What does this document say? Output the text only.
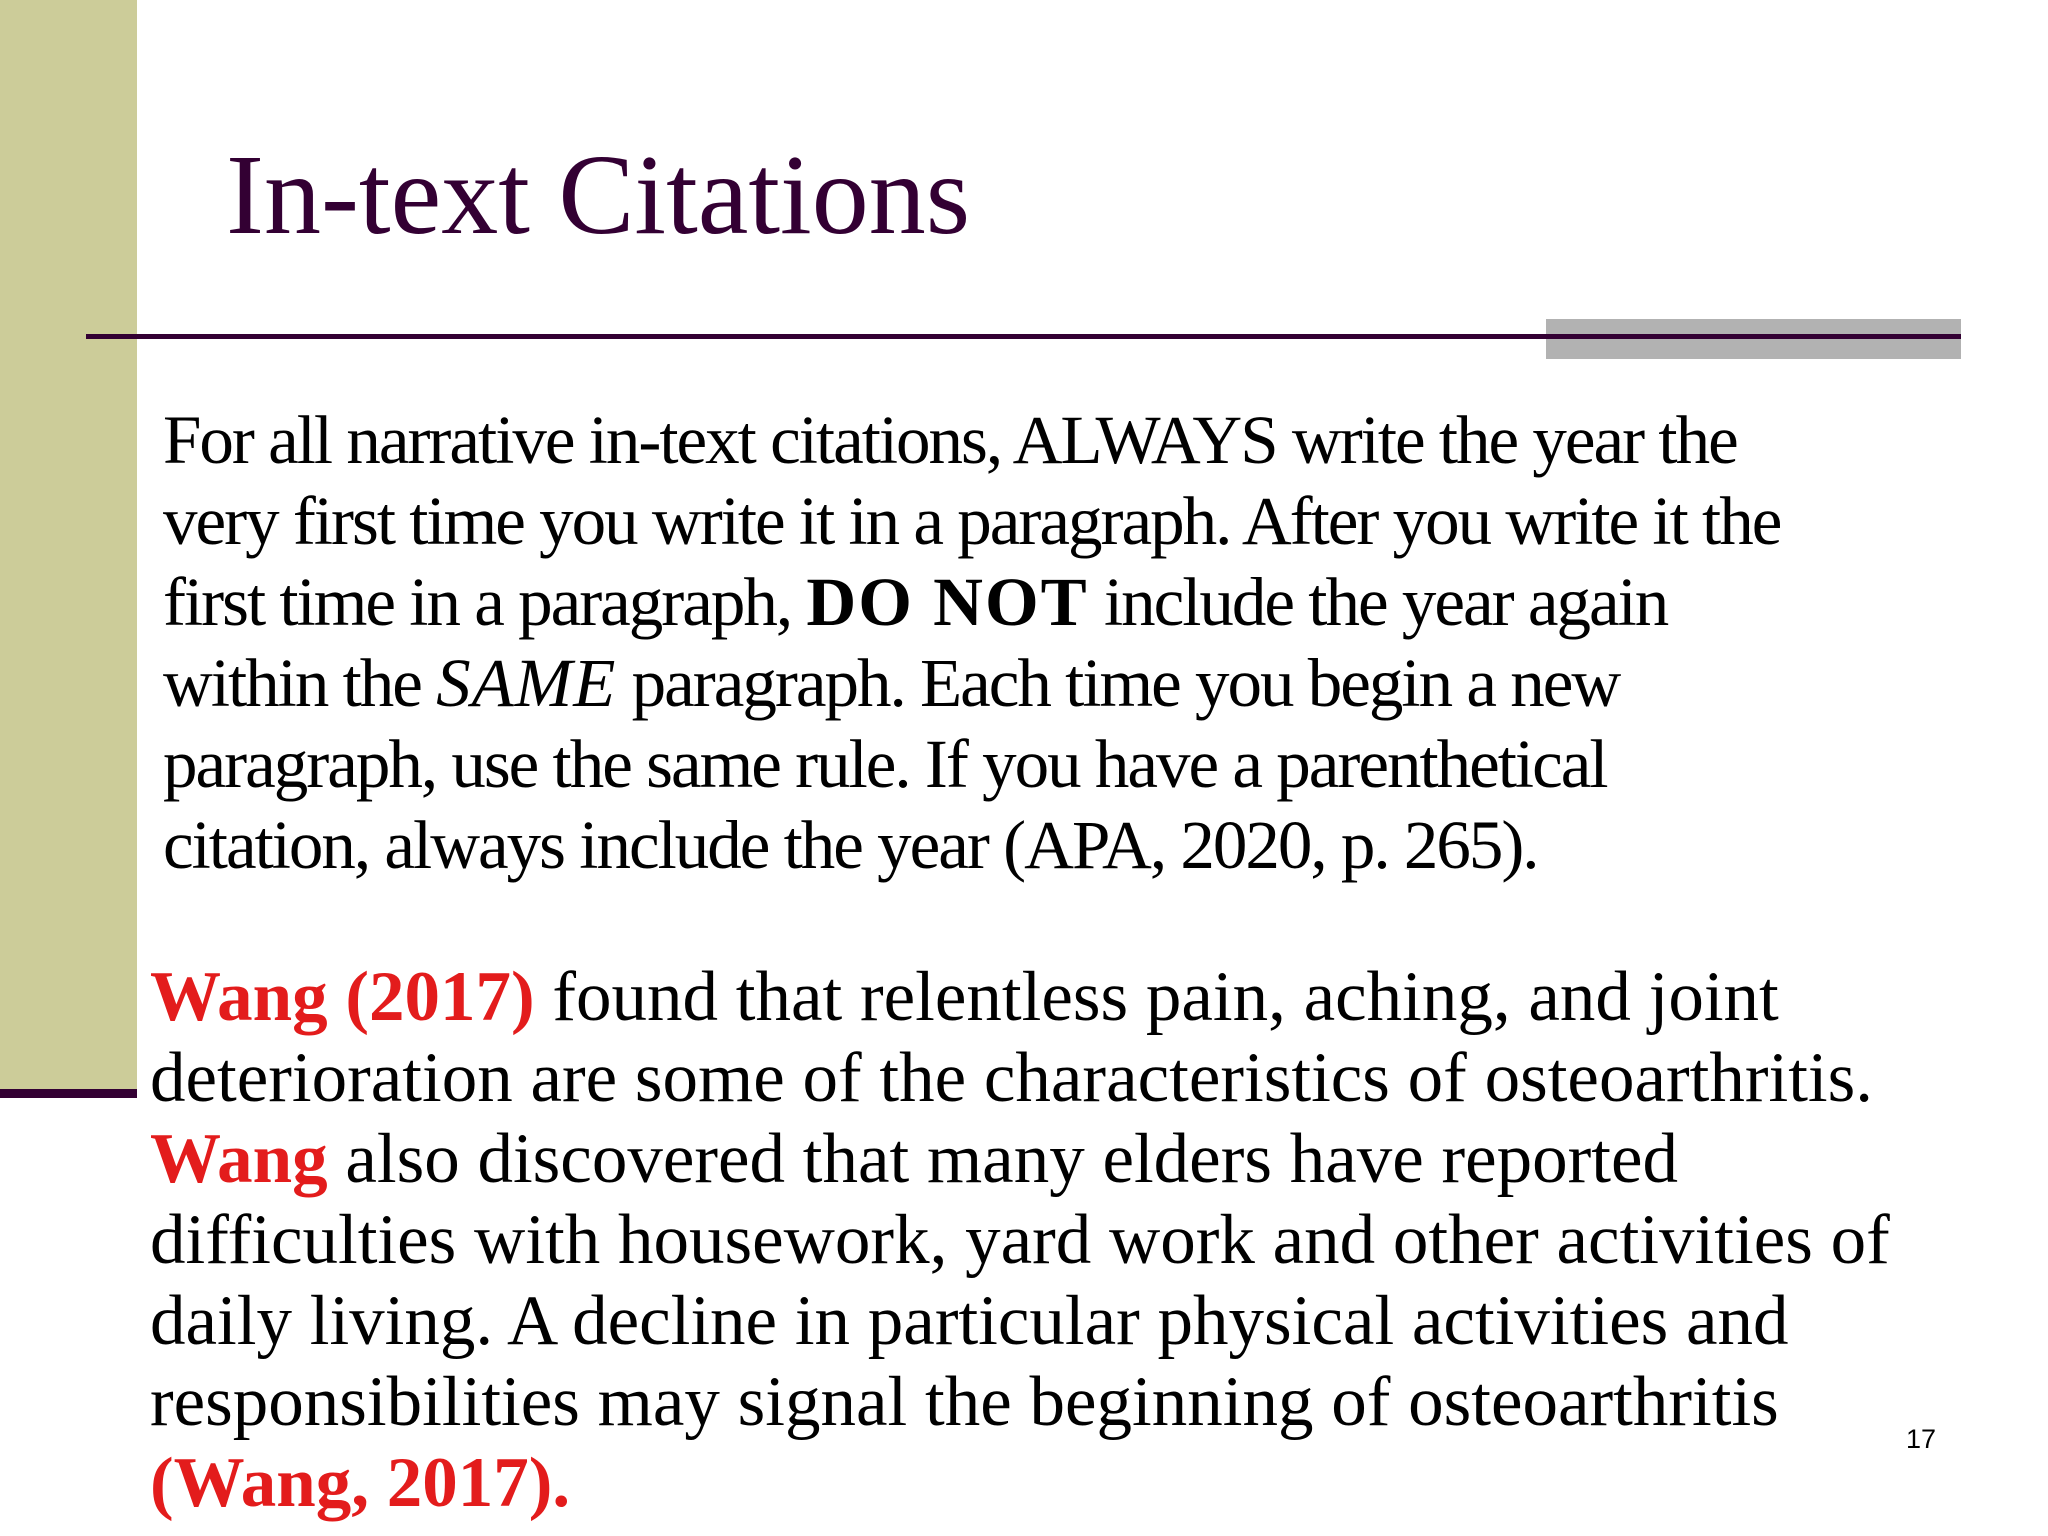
In-text Citations
For all narrative in-text citations, ALWAYS write the year the
very first time you write it in a paragraph. After you write it the
first time in a paragraph, DO NOT include the year again
within the SAME paragraph. Each time you begin a new
paragraph, use the same rule. If you have a parenthetical
citation, always include the year (APA, 2020, p. 265).
Wang (2017) found that relentless pain, aching, and joint
deterioration are some of the characteristics of osteoarthritis.
Wang also discovered that many elders have reported
difficulties with housework, yard work and other activities of
daily living. A decline in particular physical activities and
responsibilities may signal the beginning of osteoarthritis
(Wang, 2017).
17
